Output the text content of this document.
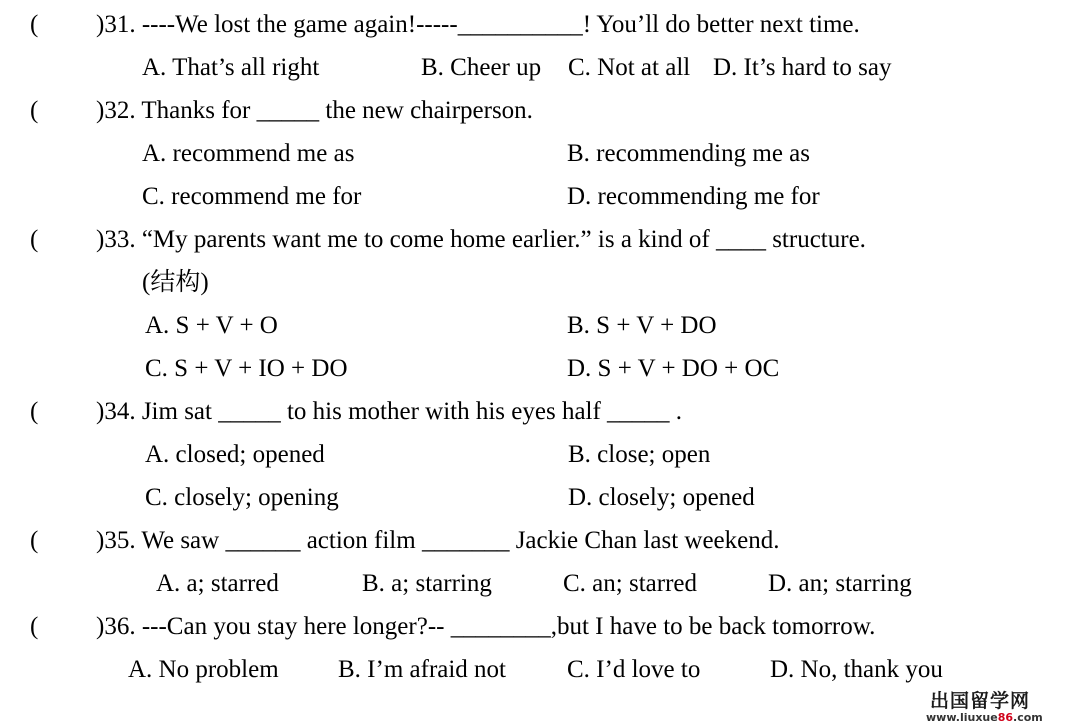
( )31. ----We lost the game again!-----__________! You’ll do better next time.
A. That’s all right	B. Cheer up C. Not at all D. It’s hard to say
( )32. Thanks for _____ the new chairperson.
A. recommend me as	B. recommending me as
C. recommend me for	D. recommending me for
( )33. “My parents want me to come home earlier.” is a kind of ____ structure.
(结构)
A. S + V + O	B. S + V + DO
C. S + V + IO + DO	D. S + V + DO + OC
( )34. Jim sat _____ to his mother with his eyes half _____ .
A. closed; opened	B. close; open
C. closely; opening	D. closely; opened
( )35. We saw ______ action film _______ Jackie Chan last weekend.
A. a; starred	B. a; starring	C. an; starred	D. an; starring
( )36. ---Can you stay here longer?-- ________,but I have to be back tomorrow.
A. No problem B. I’m afraid not C. I’d love to	D. No, thank you
出国留学网
www.liuxue86.com
